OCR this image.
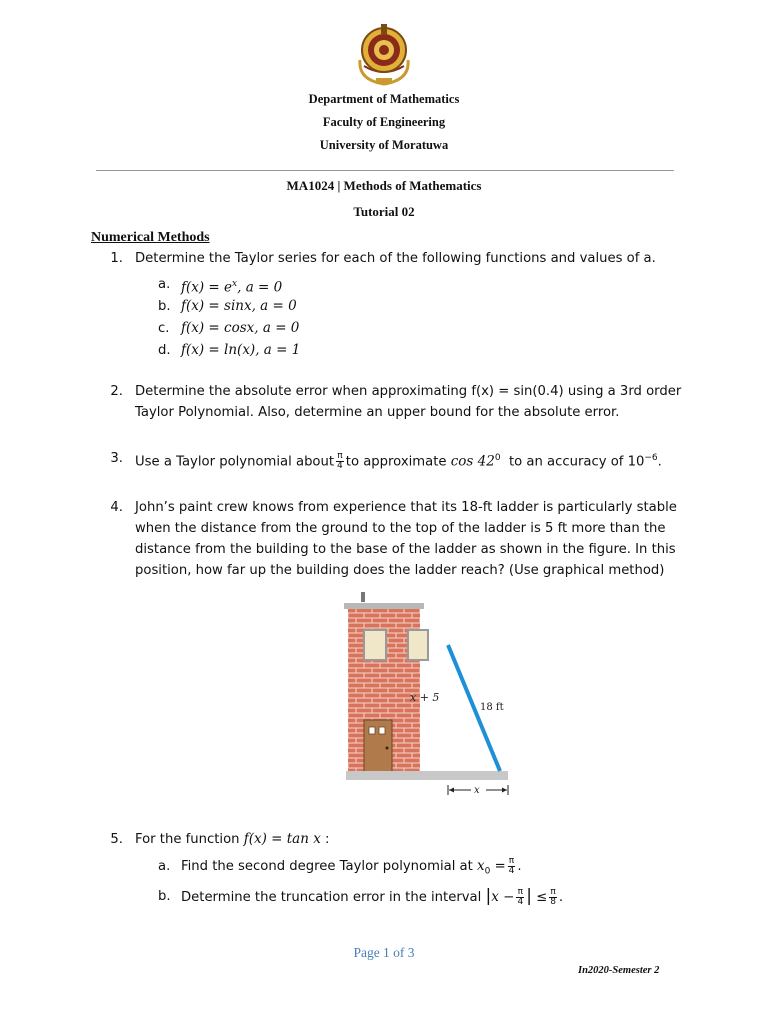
Department of Mathematics
Faculty of Engineering
University of Moratuwa
MA1024 | Methods of Mathematics
Tutorial 02
Numerical Methods
1. Determine the Taylor series for each of the following functions and values of a.
a. $f(x) = e^x$, a = 0
b. f(x) = sinx, a = 0
c. f(x) = cosx, a = 0
d. f(x) = ln(x), a = 1
2. Determine the absolute error when approximating f(x) = sin(0.4) using a 3rd order
Taylor Polynomial. Also, determine an upper bound for the absolute error.
3. Use a Taylor polynomial about $\frac{\pi}{4}$ to approximate $\cos 42^0$ to an accuracy of $10^{-6}$.
4. John’s paint crew knows from experience that its 18-ft ladder is particularly stable
when the distance from the ground to the top of the ladder is 5 ft more than the
distance from the building to the base of the ladder as shown in the figure. In this
position, how far up the building does the ladder reach? (Use graphical method)
x + 5
18 ft
x
5. For the function f(x) = tan x :
a. Find the second degree Taylor polynomial at $x_0 = \frac{\pi}{4}$ .
b. Determine the truncation error in the interval $|x - \frac{\pi}{4}$ | ≤ $\frac{\pi}{8}$ .
Page 1 of 3
In2020-Semester 2
